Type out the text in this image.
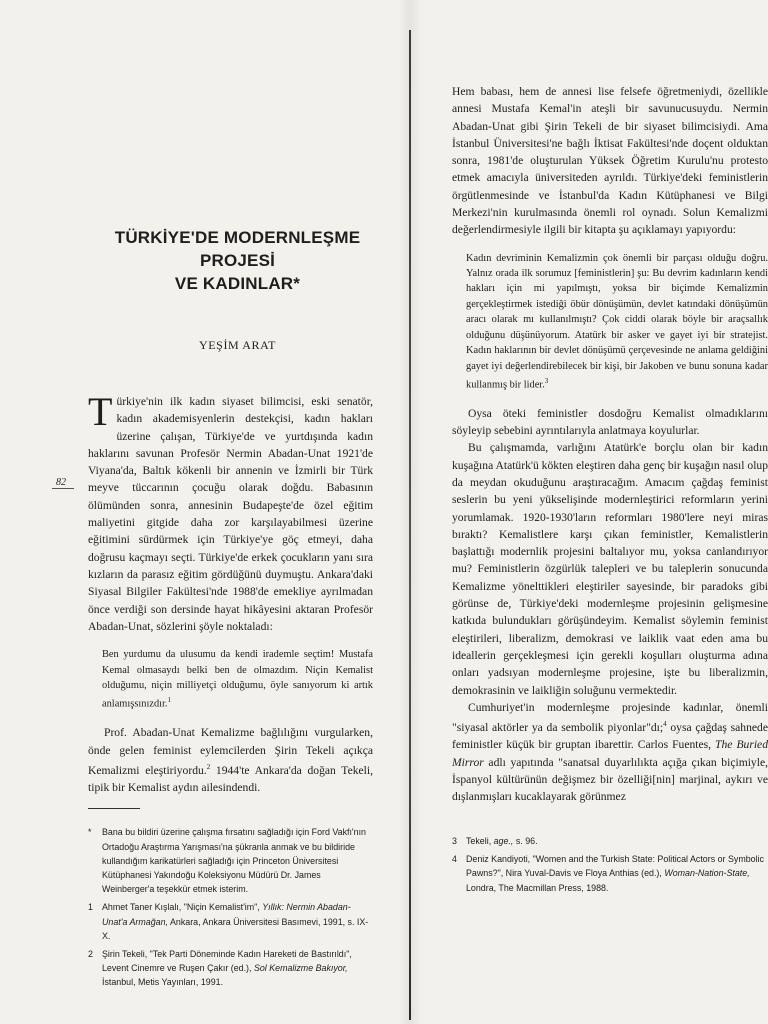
82
TÜRKİYE'DE MODERNLEŞME PROJESİ
VE KADINLAR*
YEŞİM ARAT

Türkiye'nin ilk kadın siyaset bilimcisi, eski senatör, kadın akademisyenlerin destekçisi, kadın hakları üzerine çalışan, Türkiye'de ve yurtdışında kadın haklarını savunan Profesör Nermin Abadan-Unat 1921'de Viyana'da, Baltık kökenli bir annenin ve İzmirli bir Türk meyve tüccarının çocuğu olarak doğdu. Babasının ölümünden sonra, annesinin Budapeşte'de özel eğitim maliyetini gitgide daha zor karşılayabilmesi üzerine eğitimini sürdürmek için Türkiye'ye göç etmeyi, daha doğrusu kaçmayı seçti. Türkiye'de erkek çocukların yanı sıra kızların da parasız eğitim gördüğünü duymuştu. Ankara'daki Siyasal Bilgiler Fakültesi'nde 1988'de emekliye ayrılmadan önce verdiği son dersinde hayat hikâyesini aktaran Profesör Abadan-Unat, sözlerini şöyle noktaladı:

Ben yurdumu da ulusumu da kendi irademle seçtim! Mustafa Kemal olmasaydı belki ben de olmazdım. Niçin Kemalist olduğumu, niçin milliyetçi olduğumu, öyle sanıyorum ki artık anlamışsınızdır.$^1$

Prof. Abadan-Unat Kemalizme bağlılığını vurgularken, önde gelen feminist eylemcilerden Şirin Tekeli açıkça Kemalizmi eleştiriyordu.$^2$ 1944'te Ankara'da doğan Tekeli, tipik bir Kemalist aydın ailesindendi.

* Bana bu bildiri üzerine çalışma fırsatını sağladığı için Ford Vakfı'nın Ortadoğu Araştırma Yarışması'na şükranla anmak ve bu bildiride kullandığım karikatürleri sağladığı için Princeton Üniversitesi Kütüphanesi Yakındoğu Koleksiyonu Müdürü Dr. James Weinberger'a teşekkür etmek isterim.

1 Ahmet Taner Kışlalı, "Niçin Kemalist'im", Yıllık: Nermin Abadan-Unat'a Armağan, Ankara, Ankara Üniversitesi Basımevi, 1991, s. IX-X.

2 Şirin Tekeli, "Tek Parti Döneminde Kadın Hareketi de Bastırıldı", Levent Cinemre ve Ruşen Çakır (ed.), Sol Kemalizme Bakıyor, İstanbul, Metis Yayınları, 1991.

Hem babası, hem de annesi lise felsefe öğretmeniydi, özellikle annesi Mustafa Kemal'in ateşli bir savunucusuydu. Nermin Abadan-Unat gibi Şirin Tekeli de bir siyaset bilimcisiydi. Ama İstanbul Üniversitesi'ne bağlı İktisat Fakültesi'nde doçent olduktan sonra, 1981'de oluşturulan Yüksek Öğretim Kurulu'nu protesto etmek amacıyla üniversiteden ayrıldı. Türkiye'deki feministlerin örgütlenmesinde ve İstanbul'da Kadın Kütüphanesi ve Bilgi Merkezi'nin kurulmasında önemli rol oynadı. Solun Kemalizmi değerlendirmesiyle ilgili bir kitapta şu açıklamayı yapıyordu:

Kadın devriminin Kemalizmin çok önemli bir parçası olduğu doğru. Yalnız orada ilk sorumuz [feministlerin] şu: Bu devrim kadınların kendi hakları için mi yapılmıştı, yoksa bir biçimde Kemalizmin gerçekleştirmek istediği öbür dönüşümün, devlet katındaki dönüşümün aracı olarak mı kullanılmıştı? Çok ciddi olarak böyle bir araçsallık olduğunu düşünüyorum. Atatürk bir asker ve gayet iyi bir stratejist. Kadın haklarının bir devlet dönüşümü çerçevesinde ne anlama geldiğini gayet iyi değerlendirebilecek bir kişi, bir Jakoben ve bunu sonuna kadar kullanmış bir lider.$^3$

Oysa öteki feministler dosdoğru Kemalist olmadıklarını söyleyip sebebini ayrıntılarıyla anlatmaya koyulurlar.

Bu çalışmamda, varlığını Atatürk'e borçlu olan bir kadın kuşağına Atatürk'ü kökten eleştiren daha genç bir kuşağın nasıl olup da meydan okuduğunu araştıracağım. Amacım çağdaş feminist seslerin bu yeni yükselişinde modernleştirici reformların yerini yorumlamak. 1920-1930'ların reformları 1980'lere neyi miras bıraktı? Kemalistlere karşı çıkan feministler, Kemalistlerin başlattığı modernlik projesini baltalıyor mu, yoksa canlandırıyor mu? Feministlerin özgürlük talepleri ve bu taleplerin sonucunda Kemalizme yönelttikleri eleştiriler sayesinde, bir paradoks gibi görünse de, Türkiye'deki modernleşme projesinin gelişmesine katkıda bulundukları görüşündeyim. Kemalist söylemin feminist eleştirileri, liberalizm, demokrasi ve laiklik vaat eden ama bu ideallerin gerçekleşmesi için gerekli koşulları oluşturma adına onları yadsıyan modernleşme projesine, işte bu liberalizmin, demokrasinin ve laikliğin soluğunu vermektedir.

Cumhuriyet'in modernleşme projesinde kadınlar, önemli "siyasal aktörler ya da sembolik piyonlar"dı;$^4$ oysa çağdaş sahnede feministler küçük bir gruptan ibarettir. Carlos Fuentes, The Buried Mirror adlı yapıtında "sanatsal duyarlılıkta açığa çıkan biçimiyle, İspanyol kültürünün değişmez bir özelliği[nin] marjinal, aykırı ve dışlanmışları kucaklayarak görünmez

3 Tekeli, age., s. 96.

4 Deniz Kandiyoti, "Women and the Turkish State: Political Actors or Symbolic Pawns?", Nira Yuval-Davis ve Floya Anthias (ed.), Woman-Nation-State, Londra, The Macmillan Press, 1988.
